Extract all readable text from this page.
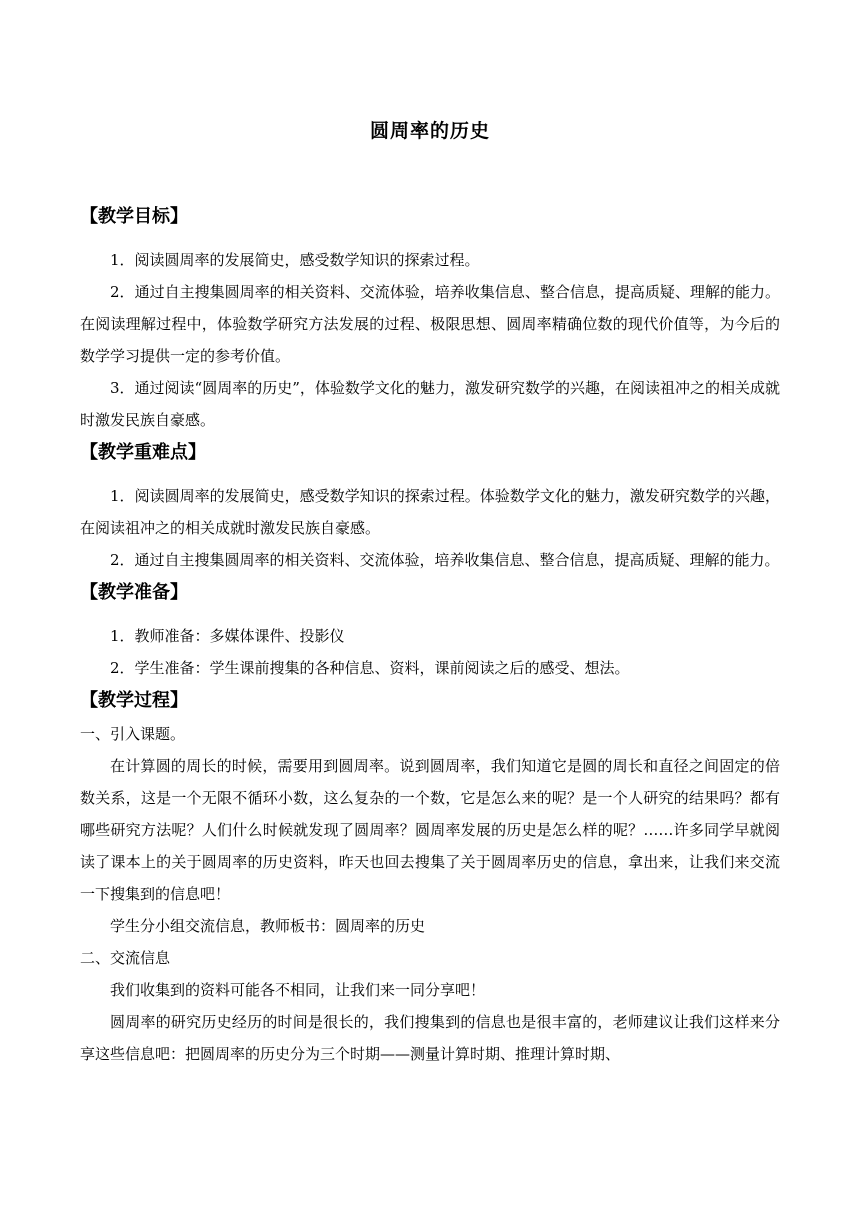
圆周率的历史
【教学目标】

1．阅读圆周率的发展简史，感受数学知识的探索过程。

2．通过自主搜集圆周率的相关资料、交流体验，培养收集信息、整合信息，提高质疑、理解的能力。在阅读理解过程中，体验数学研究方法发展的过程、极限思想、圆周率精确位数的现代价值等，为今后的数学学习提供一定的参考价值。

3．通过阅读“圆周率的历史”，体验数学文化的魅力，激发研究数学的兴趣，在阅读祖冲之的相关成就时激发民族自豪感。

【教学重难点】

1．阅读圆周率的发展简史，感受数学知识的探索过程。体验数学文化的魅力，激发研究数学的兴趣，在阅读祖冲之的相关成就时激发民族自豪感。

2．通过自主搜集圆周率的相关资料、交流体验，培养收集信息、整合信息，提高质疑、理解的能力。

【教学准备】

1．教师准备：多媒体课件、投影仪

2．学生准备：学生课前搜集的各种信息、资料，课前阅读之后的感受、想法。

【教学过程】

一、引入课题。

在计算圆的周长的时候，需要用到圆周率。说到圆周率，我们知道它是圆的周长和直径之间固定的倍数关系，这是一个无限不循环小数，这么复杂的一个数，它是怎么来的呢？是一个人研究的结果吗？都有哪些研究方法呢？人们什么时候就发现了圆周率？圆周率发展的历史是怎么样的呢？……许多同学早就阅读了课本上的关于圆周率的历史资料，昨天也回去搜集了关于圆周率历史的信息，拿出来，让我们来交流一下搜集到的信息吧！

学生分小组交流信息，教师板书：圆周率的历史

二、交流信息

我们收集到的资料可能各不相同，让我们来一同分享吧！

圆周率的研究历史经历的时间是很长的，我们搜集到的信息也是很丰富的，老师建议让我们这样来分享这些信息吧：把圆周率的历史分为三个时期——测量计算时期、推理计算时期、
